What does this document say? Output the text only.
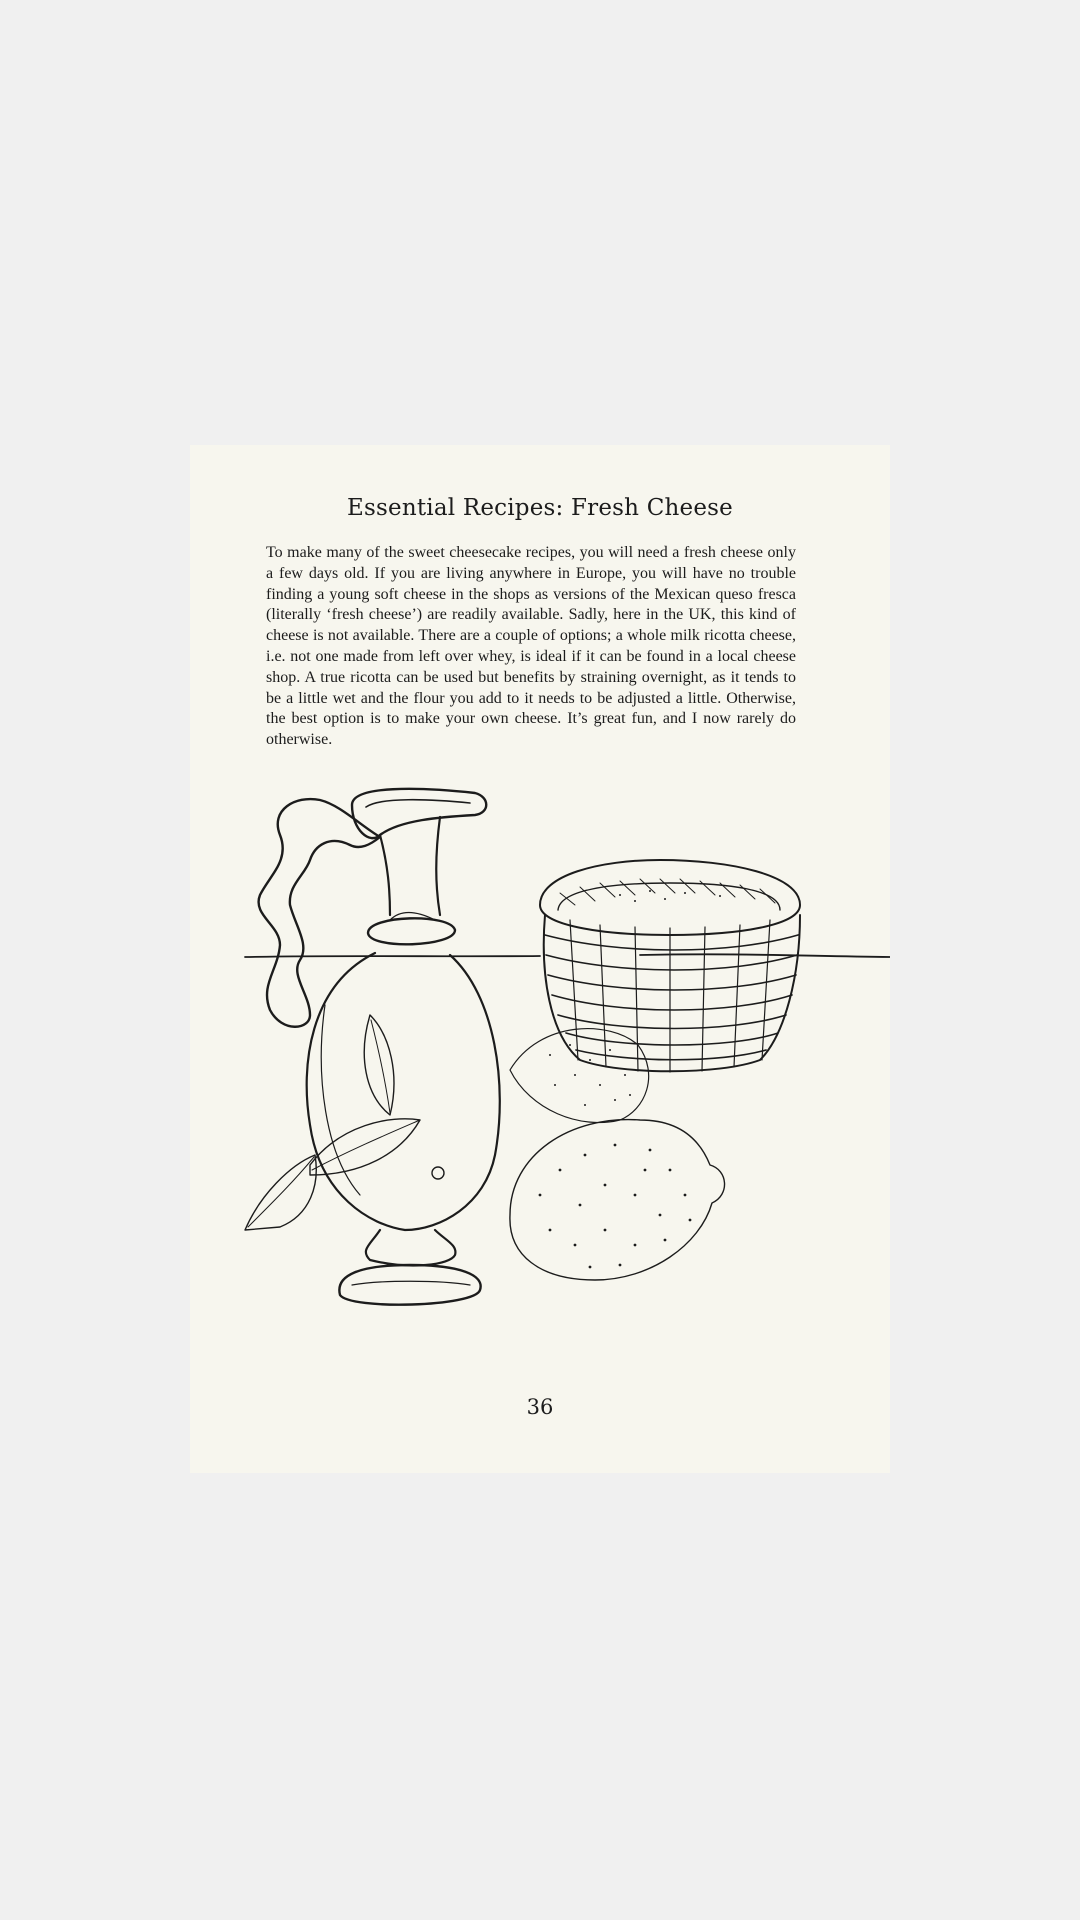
Essential Recipes: Fresh Cheese
To make many of the sweet cheesecake recipes, you will need a fresh cheese only a few days old. If you are living anywhere in Europe, you will have no trouble finding a young soft cheese in the shops as versions of the Mexican queso fresca (literally ‘fresh cheese’) are readily available. Sadly, here in the UK, this kind of cheese is not available. There are a couple of options; a whole milk ricotta cheese, i.e. not one made from left over whey, is ideal if it can be found in a local cheese shop. A true ricotta can be used but benefits by straining overnight, as it tends to be a little wet and the flour you add to it needs to be adjusted a little. Otherwise, the best option is to make your own cheese. It’s great fun, and I now rarely do otherwise.
36
